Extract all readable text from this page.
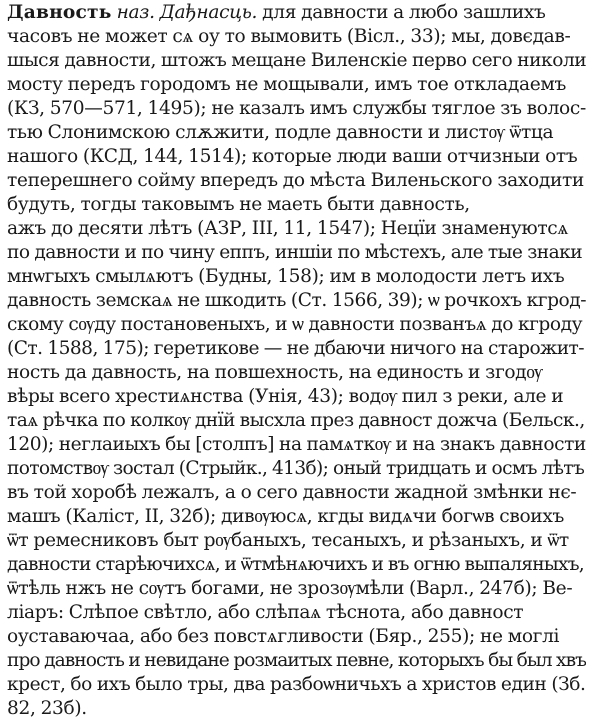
Давность наз. Дађнасць. для давности а любо зашлихъ
часовъ не может сѧ оу то вымовить (Вісл., 33); мы, довєдав-
шыся давности, штожъ мещане Виленскіе перво сего николи
мосту передъ городомъ не мощывали, имъ тое откладаемъ
(КЗ, 570—571, 1495); не казалъ имъ службы тяглое зъ волос-
тью Слонимскою слѫжити, подле давности и листѹ ѿтца
нашого (КСД, 144, 1514); которые люди ваши отчизныи отъ
теперешнего сойму впередъ до мѣста Виленьского заходити
будуть, тогды таковымъ не маеть быти давность,
ажъ до десяти лѣтъ (АЗР, III, 11, 1547); Нецїи знаменуютсѧ
по давности и по чину еппъ, иншiи по мѣстехъ, але тые знаки
мнѡгыхъ смылѧютъ (Будны, 158); им в молодости летъ ихъ
давность земскаѧ не шкодить (Ст. 1566, 39); ѡ рочкохъ кгрод-
скому сѹду постановеныхъ, и ѡ давности позванъѧ до кгроду
(Ст. 1588, 175); геретикове — не дбаючи ничого на старожит-
ность да давность, на повшехность, на единость и згодѹ
вѣры всего хрестиѧнства (Унія, 43); водѹ пил з реки, але и
таѧ рѣчка по колкѹ днїй высхла през давност дожча (Бельск.,
120); неглаиыхъ бы [столпъ] на памѧткѹ и на знакъ давности
потомствѹ зостал (Стрыйк., 413б); оный тридцать и осмъ лѣтъ
въ той хоробѣ лежалъ, а о сего давности жадной змѣнки нє-
машъ (Каліст, II, 32б); дивѹюсѧ, кгды видѧчи богѡв своихъ
ѿт ремесниковъ быт рѹбаныхъ, тесаныхъ, и рѣзаныхъ, и ѿт
давности старѣючихсѧ, и ѿтмѣнѧючихъ и въ огню выпаляныхъ,
ѿтѣль нжъ не сѹтъ богами, не зрозѹмѣли (Варл., 247б); Ве-
ліаръ: Слѣпое свѣтло, або слѣпаѧ тѣснота, або давност
оуставаючаа, або без повстѧгливости (Бяр., 255); не моглі
про давность и невидане розмаитых певне, которыхъ бы был хвъ
крест, бо ихъ было тры, два разбоѡничьхъ а христов един (Зб.
82, 23б).
